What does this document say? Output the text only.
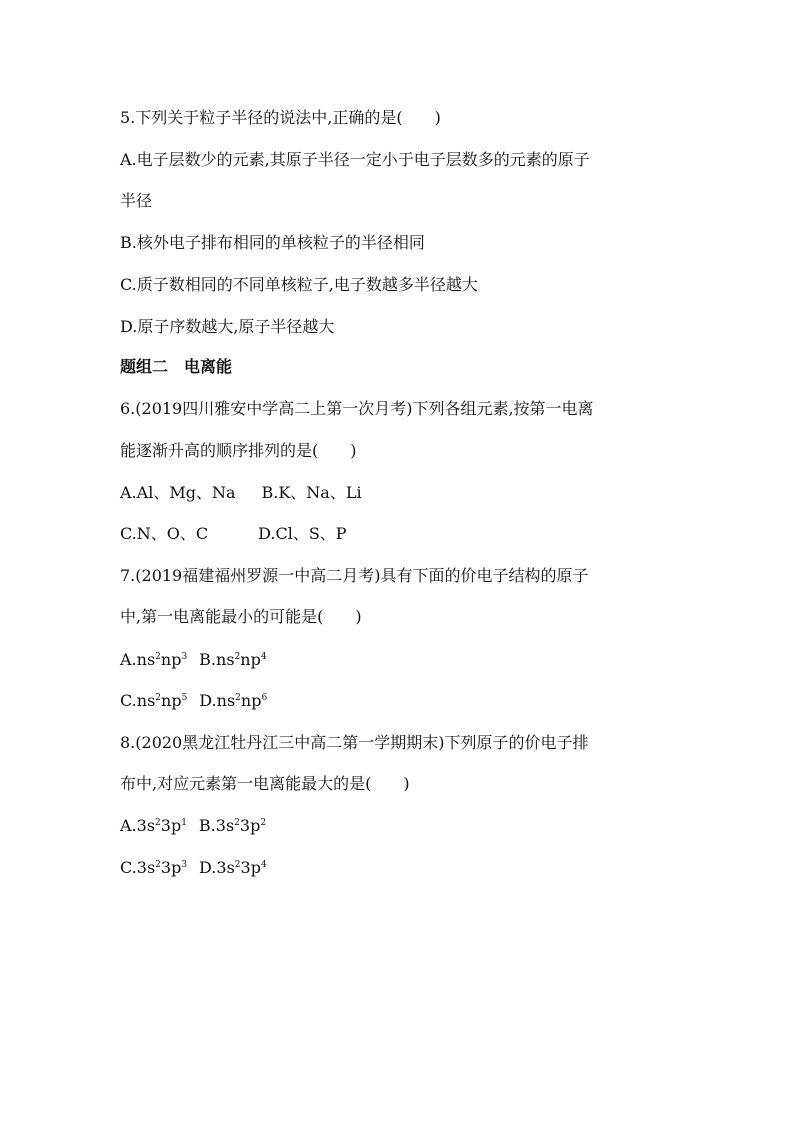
5.下列关于粒子半径的说法中,正确的是(　　)
A.电子层数少的元素,其原子半径一定小于电子层数多的元素的原子
半径
B.核外电子排布相同的单核粒子的半径相同
C.质子数相同的不同单核粒子,电子数越多半径越大
D.原子序数越大,原子半径越大
题组二　电离能
6.(2019四川雅安中学高二上第一次月考)下列各组元素,按第一电离
能逐渐升高的顺序排列的是(　　)
A.Al、Mg、Na B.K、Na、Li
C.N、O、C	D.Cl、S、P
7.(2019福建福州罗源一中高二月考)具有下面的价电子结构的原子
中,第一电离能最小的可能是(　　)
$A.ns^2np^3$ $B.ns^2np^4$
$C.ns^2np^5$ $D.ns^2np^6$
8.(2020黑龙江牡丹江三中高二第一学期期末)下列原子的价电子排
布中,对应元素第一电离能最大的是(　　)
$A.3s^23p^1$ $B.3s^23p^2$
$C.3s^23p^3$ $D.3s^23p^4$
